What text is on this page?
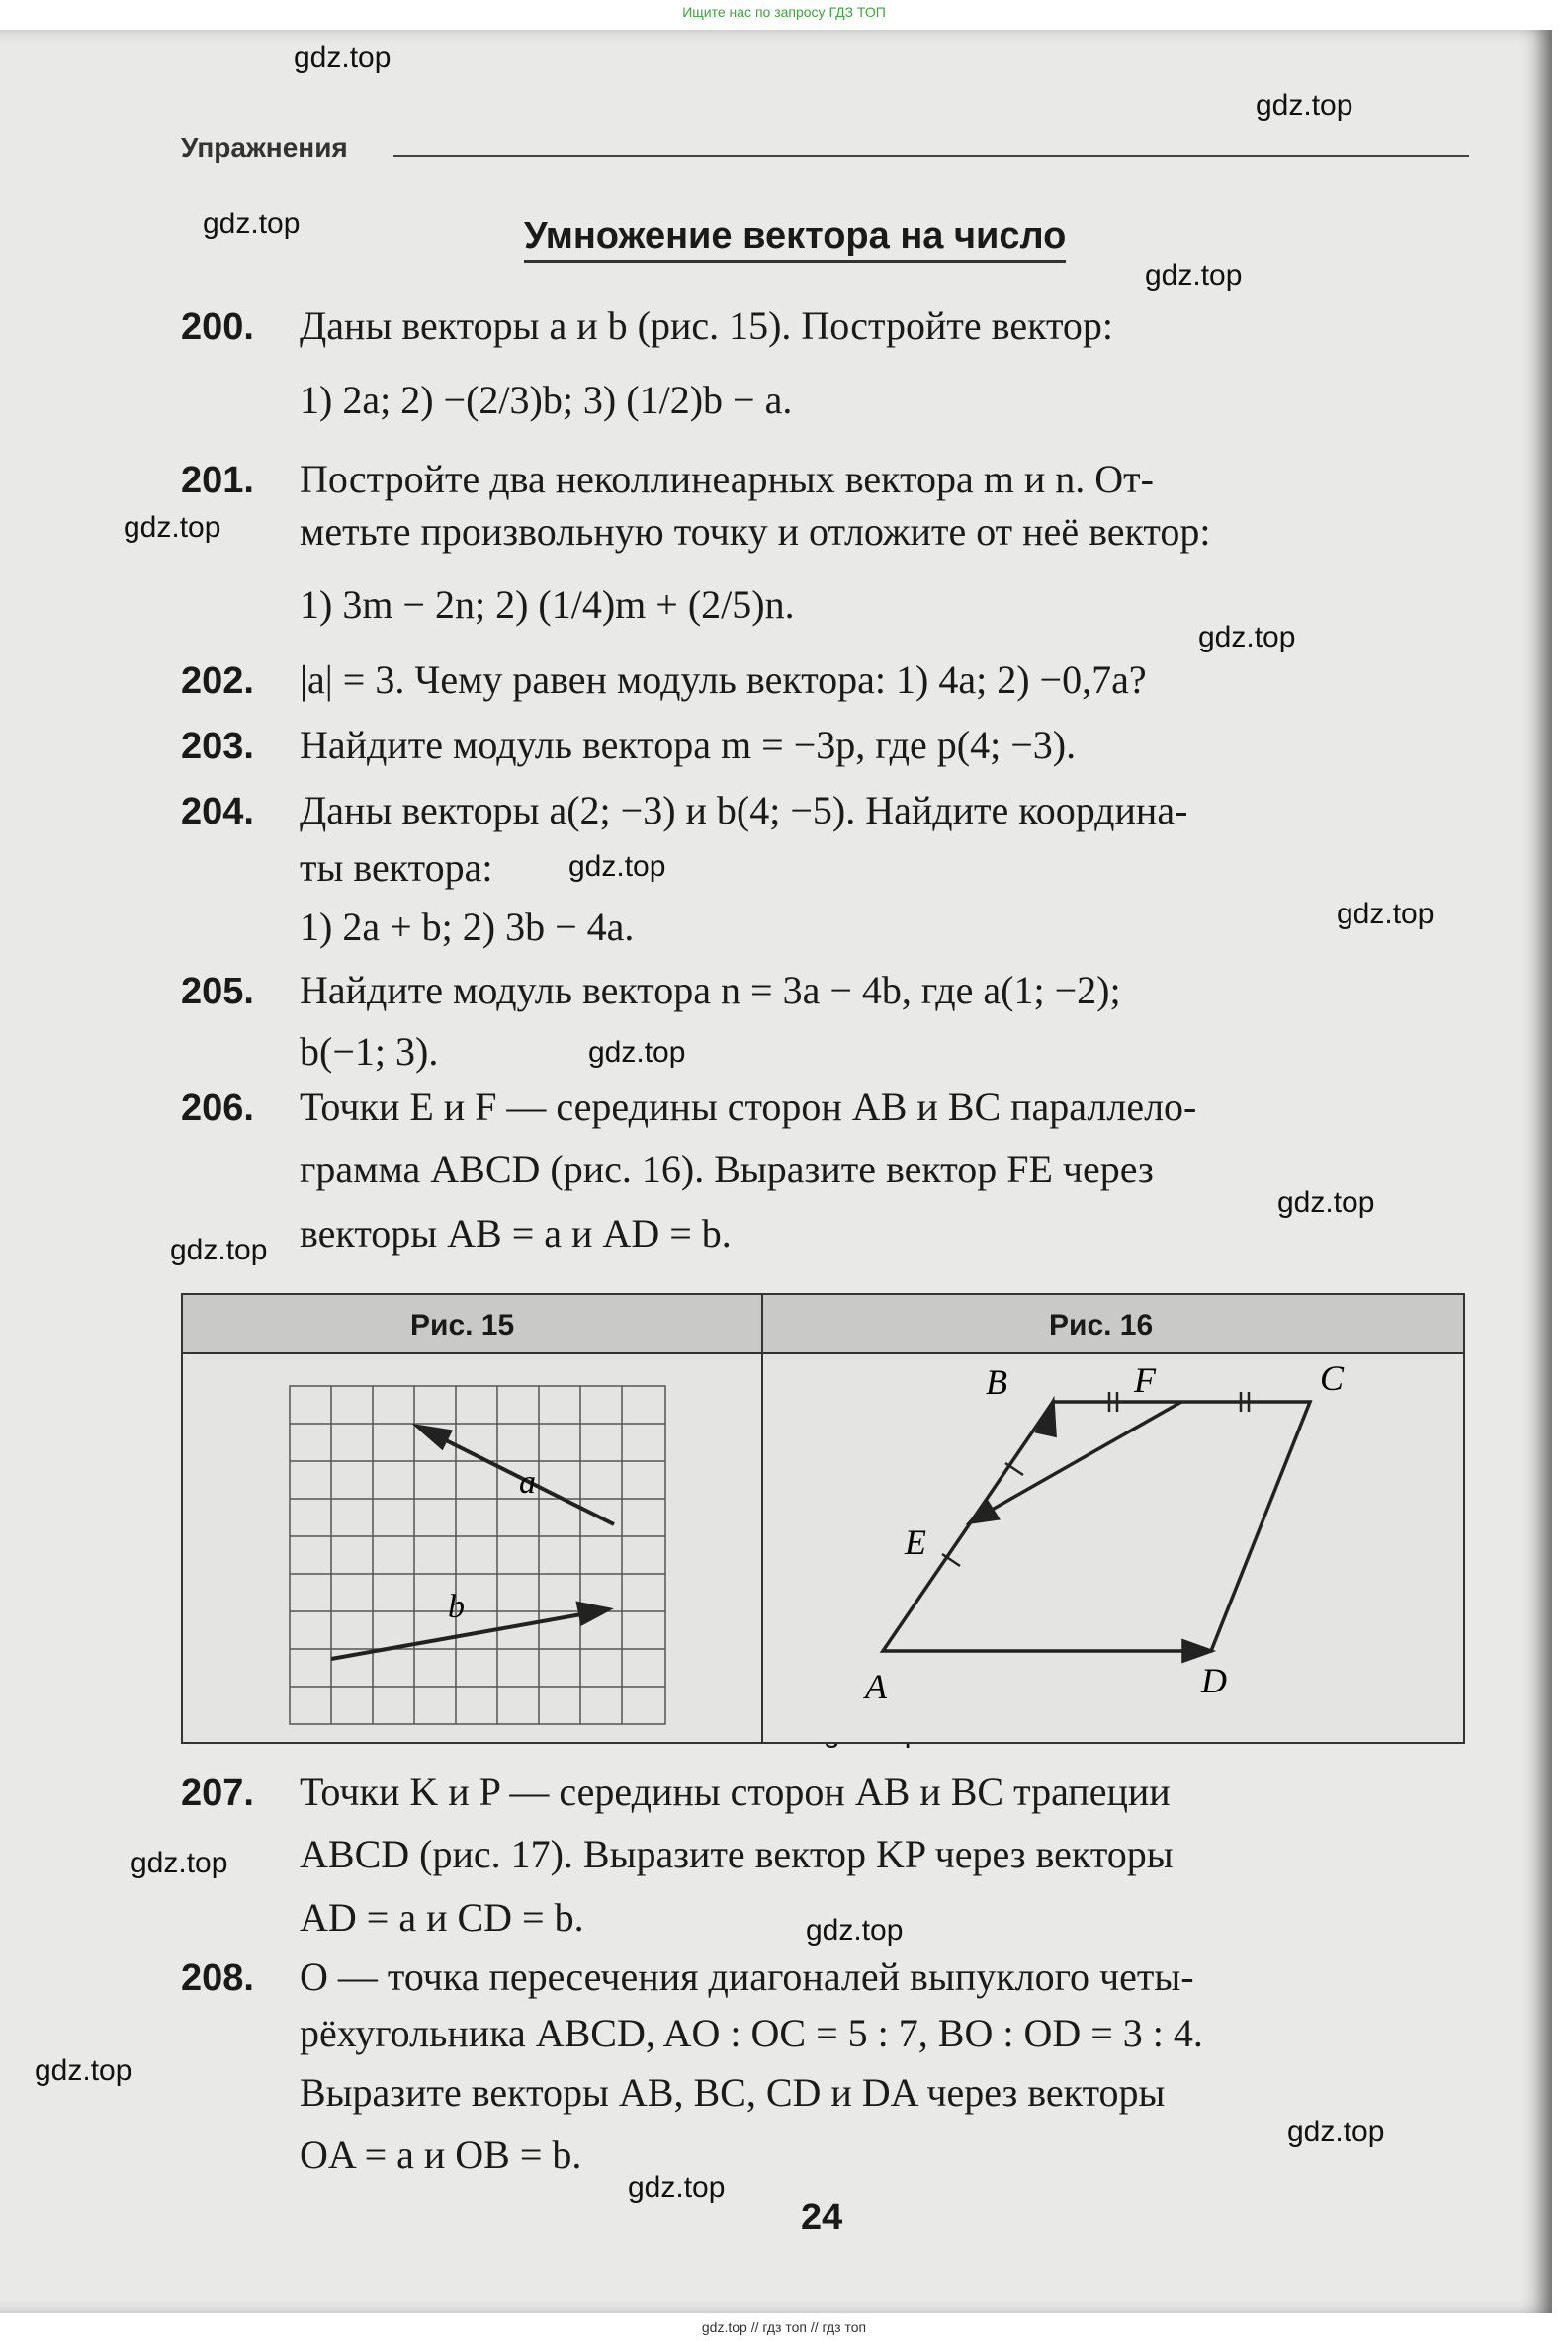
Ищите нас по запросу ГДЗ ТОП
gdz.top
gdz.top
gdz.top
gdz.top
gdz.top
gdz.top
gdz.top
gdz.top
gdz.top
gdz.top
gdz.top
gdz.top
gdz.top
gdz.top
gdz.top
gdz.top
Упражнения
Умножение вектора на число
200. Даны векторы a и b (рис. 15). Постройте вектор:
1) 2a; 2) −(2/3)b; 3) (1/2)b − a.
201. Постройте два неколлинеарных вектора m и n. От-
метьте произвольную точку и отложите от неё вектор:
1) 3m − 2n; 2) (1/4)m + (2/5)n.
202. |a| = 3. Чему равен модуль вектора: 1) 4a; 2) −0,7a?
203. Найдите модуль вектора m = −3p, где p(4; −3).
204. Даны векторы a(2; −3) и b(4; −5). Найдите координа-
ты вектора:
1) 2a + b; 2) 3b − 4a.
205. Найдите модуль вектора n = 3a − 4b, где a(1; −2);
b(−1; 3).
206. Точки E и F — середины сторон AB и BC параллело-
грамма ABCD (рис. 16). Выразите вектор FE через
векторы AB = a и AD = b.
Рис. 15	Рис. 16
a
b
A
B	C
D
E
F
207. Точки K и P — середины сторон AB и BC трапеции
ABCD (рис. 17). Выразите вектор KP через векторы
AD = a и CD = b.
208. O — точка пересечения диагоналей выпуклого четы-
рёхугольника ABCD, AO : OC = 5 : 7, BO : OD = 3 : 4.
Выразите векторы AB, BC, CD и DA через векторы
OA = a и OB = b.
24
gdz.top // гдз топ // гдз топ
